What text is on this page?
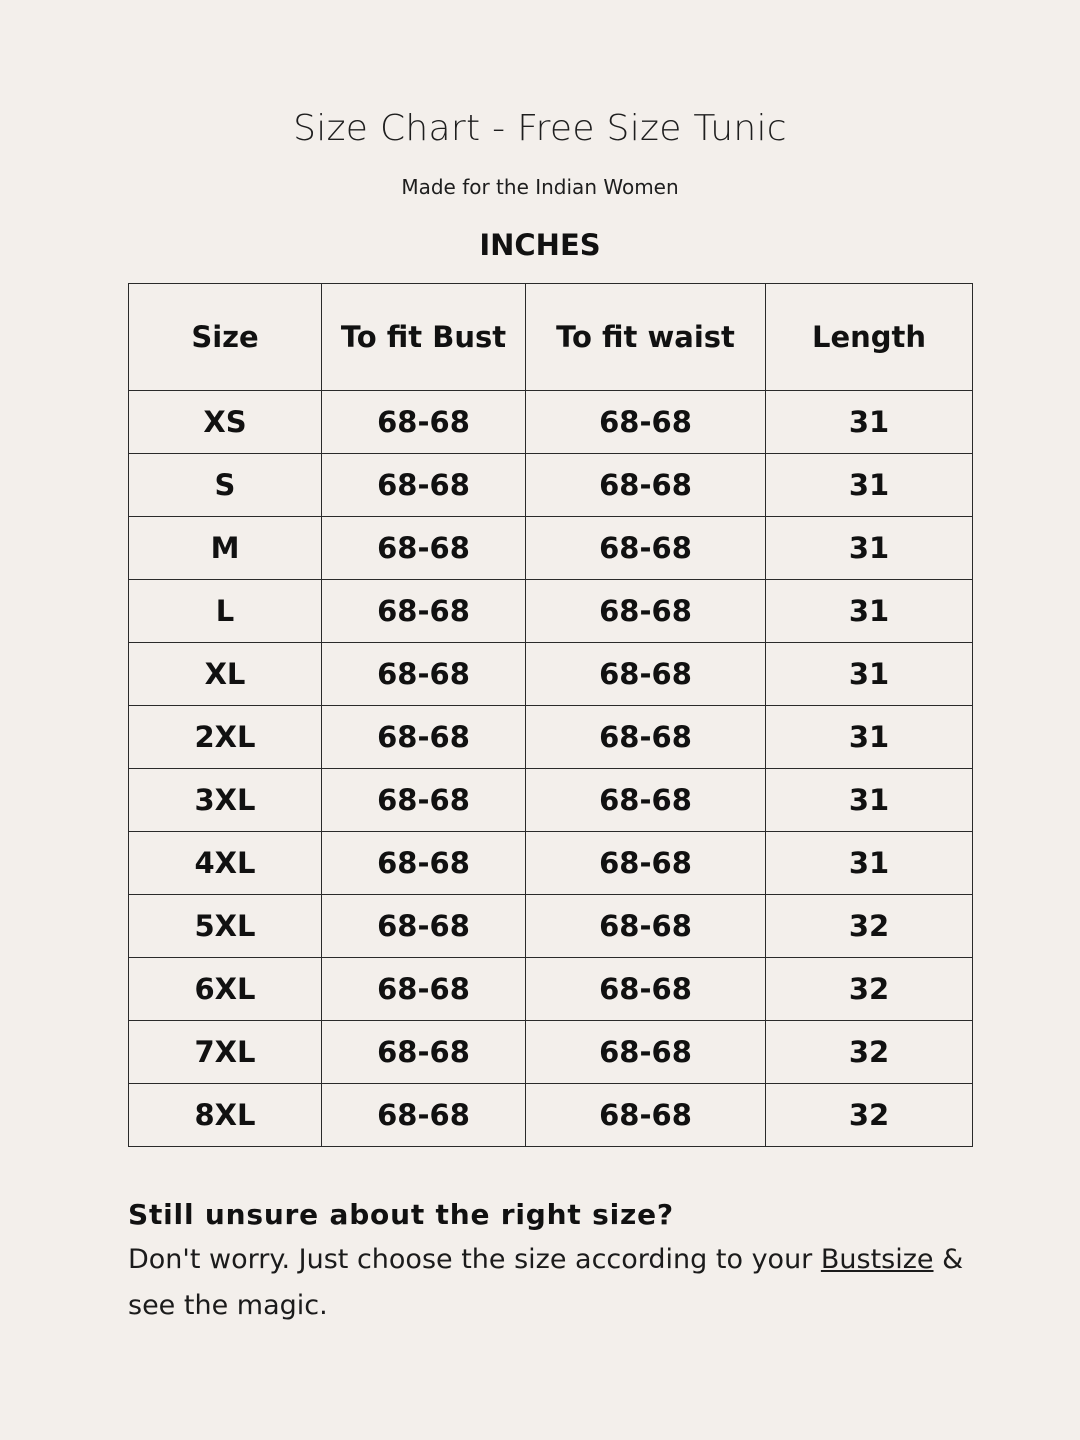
Size Chart - Free Size Tunic
Made for the Indian Women
INCHES
Size	To fit Bust	To fit waist	Length
XS	68-68	68-68	31
S	68-68	68-68	31
M	68-68	68-68	31
L	68-68	68-68	31
XL	68-68	68-68	31
2XL	68-68	68-68	31
3XL	68-68	68-68	31
4XL	68-68	68-68	31
5XL	68-68	68-68	32
6XL	68-68	68-68	32
7XL	68-68	68-68	32
8XL	68-68	68-68	32

Still unsure about the right size?

Don't worry. Just choose the size according to your Bustsize & see the magic.
